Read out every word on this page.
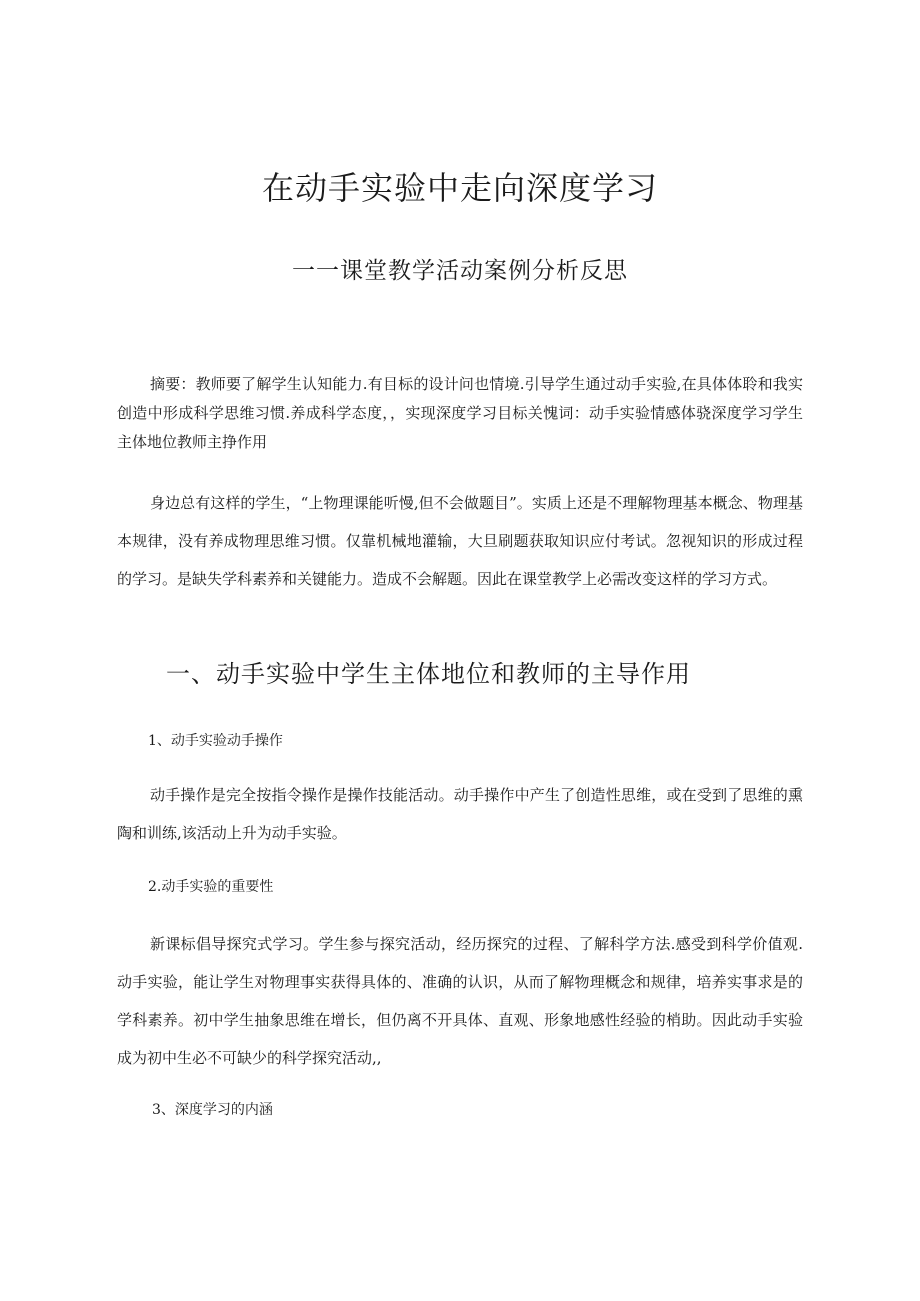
在动手实验中走向深度学习
一一课堂教学活动案例分析反思

摘要：教师要了解学生认知能力.有目标的设计问也情境.引导学生通过动手实验,在具体体聆和我实创造中形成科学思维习惯.养成科学态度，，实现深度学习目标关愧词：动手实验情感体骁深度学习学生主体地位教师主挣作用

身边总有这样的学生，“上物理课能听慢,但不会做题目”。实质上还是不理解物理基本概念、物理基本规律，没有养成物理思维习惯。仅靠机械地灌输，大旦刷题获取知识应付考试。忽视知识的形成过程的学习。是缺失学科素养和关键能力。造成不会解题。因此在课堂教学上必需改变这样的学习方式。

一、动手实验中学生主体地位和教师的主导作用
1、动手实验动手操作

动手操作是完全按指令操作是操作技能活动。动手操作中产生了创造性思维，或在受到了思维的熏陶和训练,该活动上升为动手实验。

2.动手实验的重要性

新课标倡导探究式学习。学生参与探究活动，经历探究的过程、了解科学方法.感受到科学价值观.动手实验，能让学生对物理事实获得具体的、准确的认识，从而了解物理概念和规律，培养实事求是的学科素养。初中学生抽象思维在增长，但仍离不开具体、直观、形象地感性经验的梢助。因此动手实验成为初中生必不可缺少的科学探究活动,,

3、深度学习的内涵
